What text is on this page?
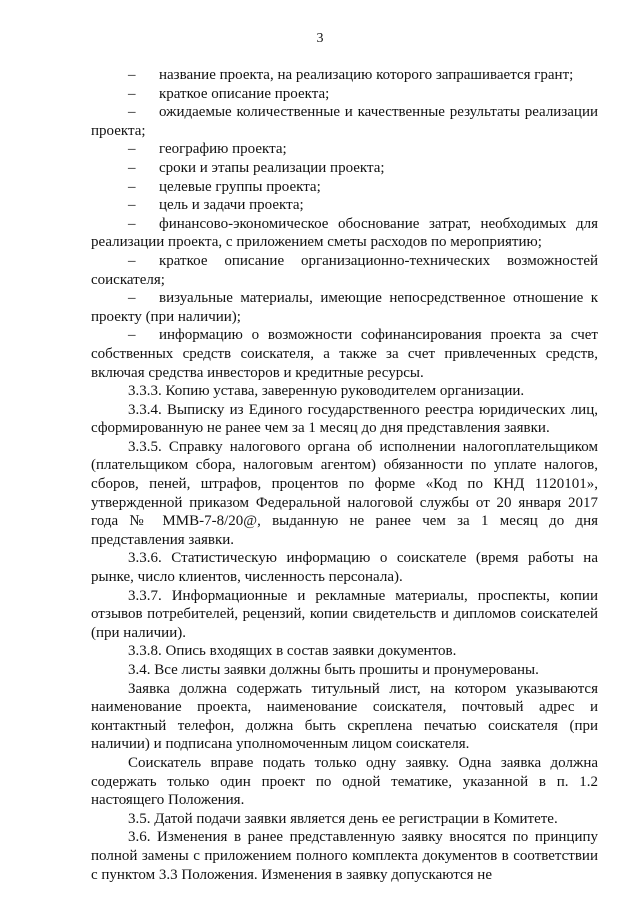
3
– название проекта, на реализацию которого запрашивается грант;
– краткое описание проекта;
– ожидаемые количественные и качественные результаты реализации проекта;
– географию проекта;
– сроки и этапы реализации проекта;
– целевые группы проекта;
– цель и задачи проекта;
– финансово-экономическое обоснование затрат, необходимых для реализации проекта, с приложением сметы расходов по мероприятию;
– краткое описание организационно-технических возможностей соискателя;
– визуальные материалы, имеющие непосредственное отношение к проекту (при наличии);
– информацию о возможности софинансирования проекта за счет собственных средств соискателя, а также за счет привлеченных средств, включая средства инвесторов и кредитные ресурсы.
3.3.3. Копию устава, заверенную руководителем организации.
3.3.4. Выписку из Единого государственного реестра юридических лиц, сформированную не ранее чем за 1 месяц до дня представления заявки.
3.3.5. Справку налогового органа об исполнении налогоплательщиком (плательщиком сбора, налоговым агентом) обязанности по уплате налогов, сборов, пеней, штрафов, процентов по форме «Код по КНД 1120101», утвержденной приказом Федеральной налоговой службы от 20 января 2017 года № ММВ-7-8/20@, выданную не ранее чем за 1 месяц до дня представления заявки.
3.3.6. Статистическую информацию о соискателе (время работы на рынке, число клиентов, численность персонала).
3.3.7. Информационные и рекламные материалы, проспекты, копии отзывов потребителей, рецензий, копии свидетельств и дипломов соискателей (при наличии).
3.3.8. Опись входящих в состав заявки документов.
3.4. Все листы заявки должны быть прошиты и пронумерованы.
Заявка должна содержать титульный лист, на котором указываются наименование проекта, наименование соискателя, почтовый адрес и контактный телефон, должна быть скреплена печатью соискателя (при наличии) и подписана уполномоченным лицом соискателя.
Соискатель вправе подать только одну заявку. Одна заявка должна содержать только один проект по одной тематике, указанной в п. 1.2 настоящего Положения.
3.5. Датой подачи заявки является день ее регистрации в Комитете.
3.6. Изменения в ранее представленную заявку вносятся по принципу полной замены с приложением полного комплекта документов в соответствии с пунктом 3.3 Положения. Изменения в заявку допускаются не
